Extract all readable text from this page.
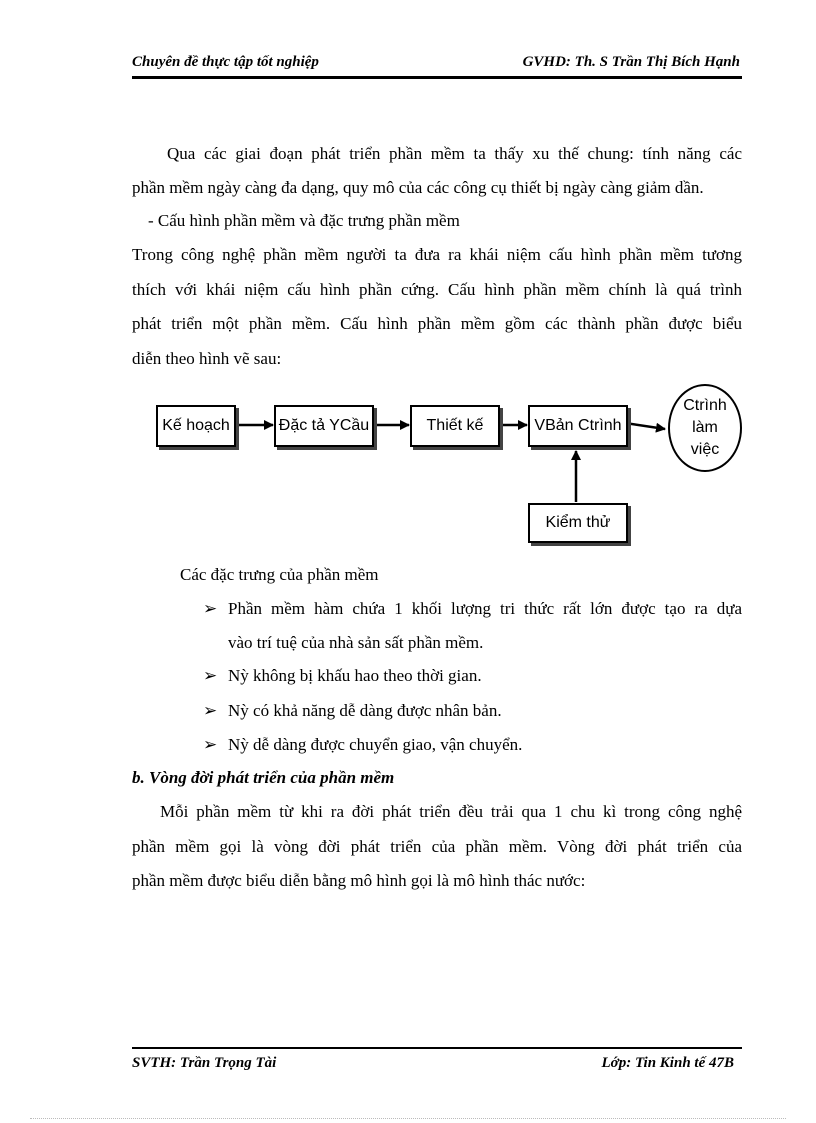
Chuyên đề thực tập tốt nghiệp	GVHD: Th. S Trần Thị Bích Hạnh
Qua các giai đoạn phát triển phần mềm ta thấy xu thế chung: tính năng các
phần mềm ngày càng đa dạng, quy mô của các công cụ thiết bị ngày càng giảm dần.
- Cấu hình phần mềm và đặc trưng phần mềm
Trong công nghệ phần mềm người ta đưa ra khái niệm cấu hình phần mềm tương
thích với khái niệm cấu hình phần cứng. Cấu hình phần mềm chính là quá trình
phát triển một phần mềm. Cấu hình phần mềm gồm các thành phần được biểu
diễn theo hình vẽ sau:
Kế hoạch	Đặc tả YCầu	Thiết kế	VBản Ctrình
Kiểm thử
Ctrình
làm
việc
Các đặc trưng của phần mềm
➢ Phần mềm hàm chứa 1 khối lượng tri thức rất lớn được tạo ra dựa
vào trí tuệ của nhà sản sất phần mềm.
➢ Nỳ không bị khấu hao theo thời gian.
➢ Nỳ có khả năng dễ dàng được nhân bản.
➢ Nỳ dễ dàng được chuyển giao, vận chuyển.
b. Vòng đời phát triển của phần mềm
Mỗi phần mềm từ khi ra đời phát triển đều trải qua 1 chu kì trong công nghệ
phần mềm gọi là vòng đời phát triển của phần mềm. Vòng đời phát triển của
phần mềm được biểu diễn bằng mô hình gọi là mô hình thác nước:
SVTH: Trần Trọng Tài	Lớp: Tin Kinh tế 47B
